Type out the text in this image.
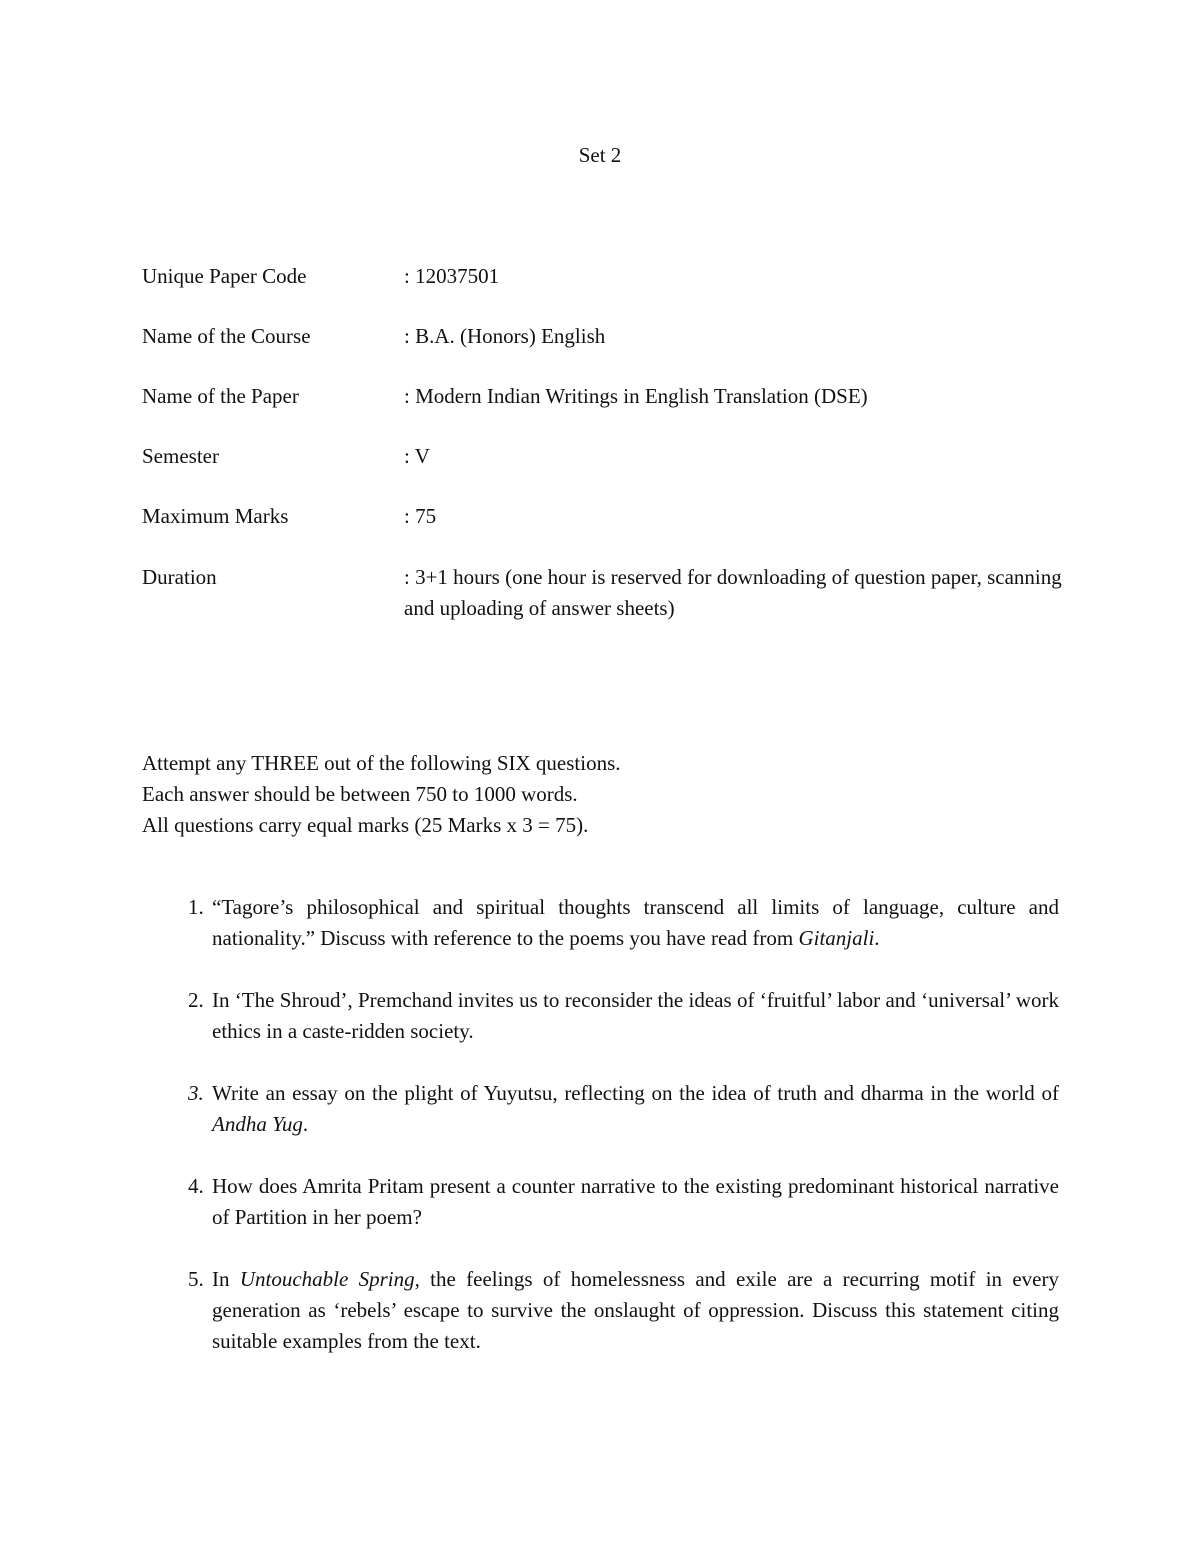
Set 2
Unique Paper Code	: 12037501
Name of the Course	: B.A. (Honors) English
Name of the Paper	: Modern Indian Writings in English Translation (DSE)
Semester	: V
Maximum Marks	: 75
Duration	: 3+1 hours (one hour is reserved for downloading of question paper, scanning and uploading of answer sheets)
Attempt any THREE out of the following SIX questions.
Each answer should be between 750 to 1000 words.
All questions carry equal marks (25 Marks x 3 = 75).
1. “Tagore’s philosophical and spiritual thoughts transcend all limits of language, culture and nationality.” Discuss with reference to the poems you have read from Gitanjali.
2. In ‘The Shroud’, Premchand invites us to reconsider the ideas of ‘fruitful’ labor and ‘universal’ work ethics in a caste-ridden society.
3. Write an essay on the plight of Yuyutsu, reflecting on the idea of truth and dharma in the world of Andha Yug.
4. How does Amrita Pritam present a counter narrative to the existing predominant historical narrative of Partition in her poem?
5. In Untouchable Spring, the feelings of homelessness and exile are a recurring motif in every generation as ‘rebels’ escape to survive the onslaught of oppression. Discuss this statement citing suitable examples from the text.
